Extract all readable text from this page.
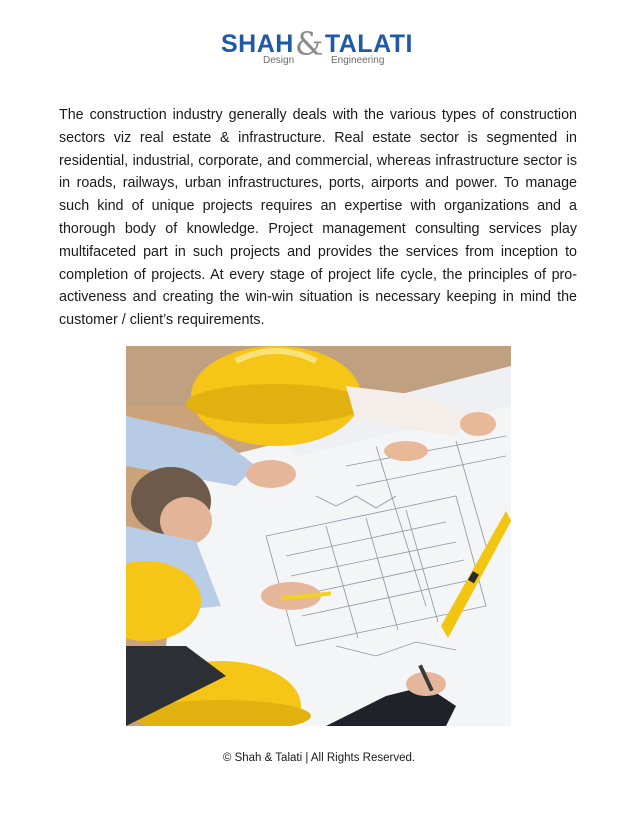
SHAH&TALATI
Design	Engineering
The construction industry generally deals with the various types of construction sectors viz real estate & infrastructure. Real estate sector is segmented in residential, industrial, corporate, and commercial, whereas infrastructure sector is in roads, railways, urban infrastructures, ports, airports and power. To manage such kind of unique projects requires an expertise with organizations and a thorough body of knowledge. Project management consulting services play multifaceted part in such projects and provides the services from inception to completion of projects. At every stage of project life cycle, the principles of pro-activeness and creating the win-win situation is necessary keeping in mind the customer / client’s requirements.
© Shah & Talati | All Rights Reserved.
